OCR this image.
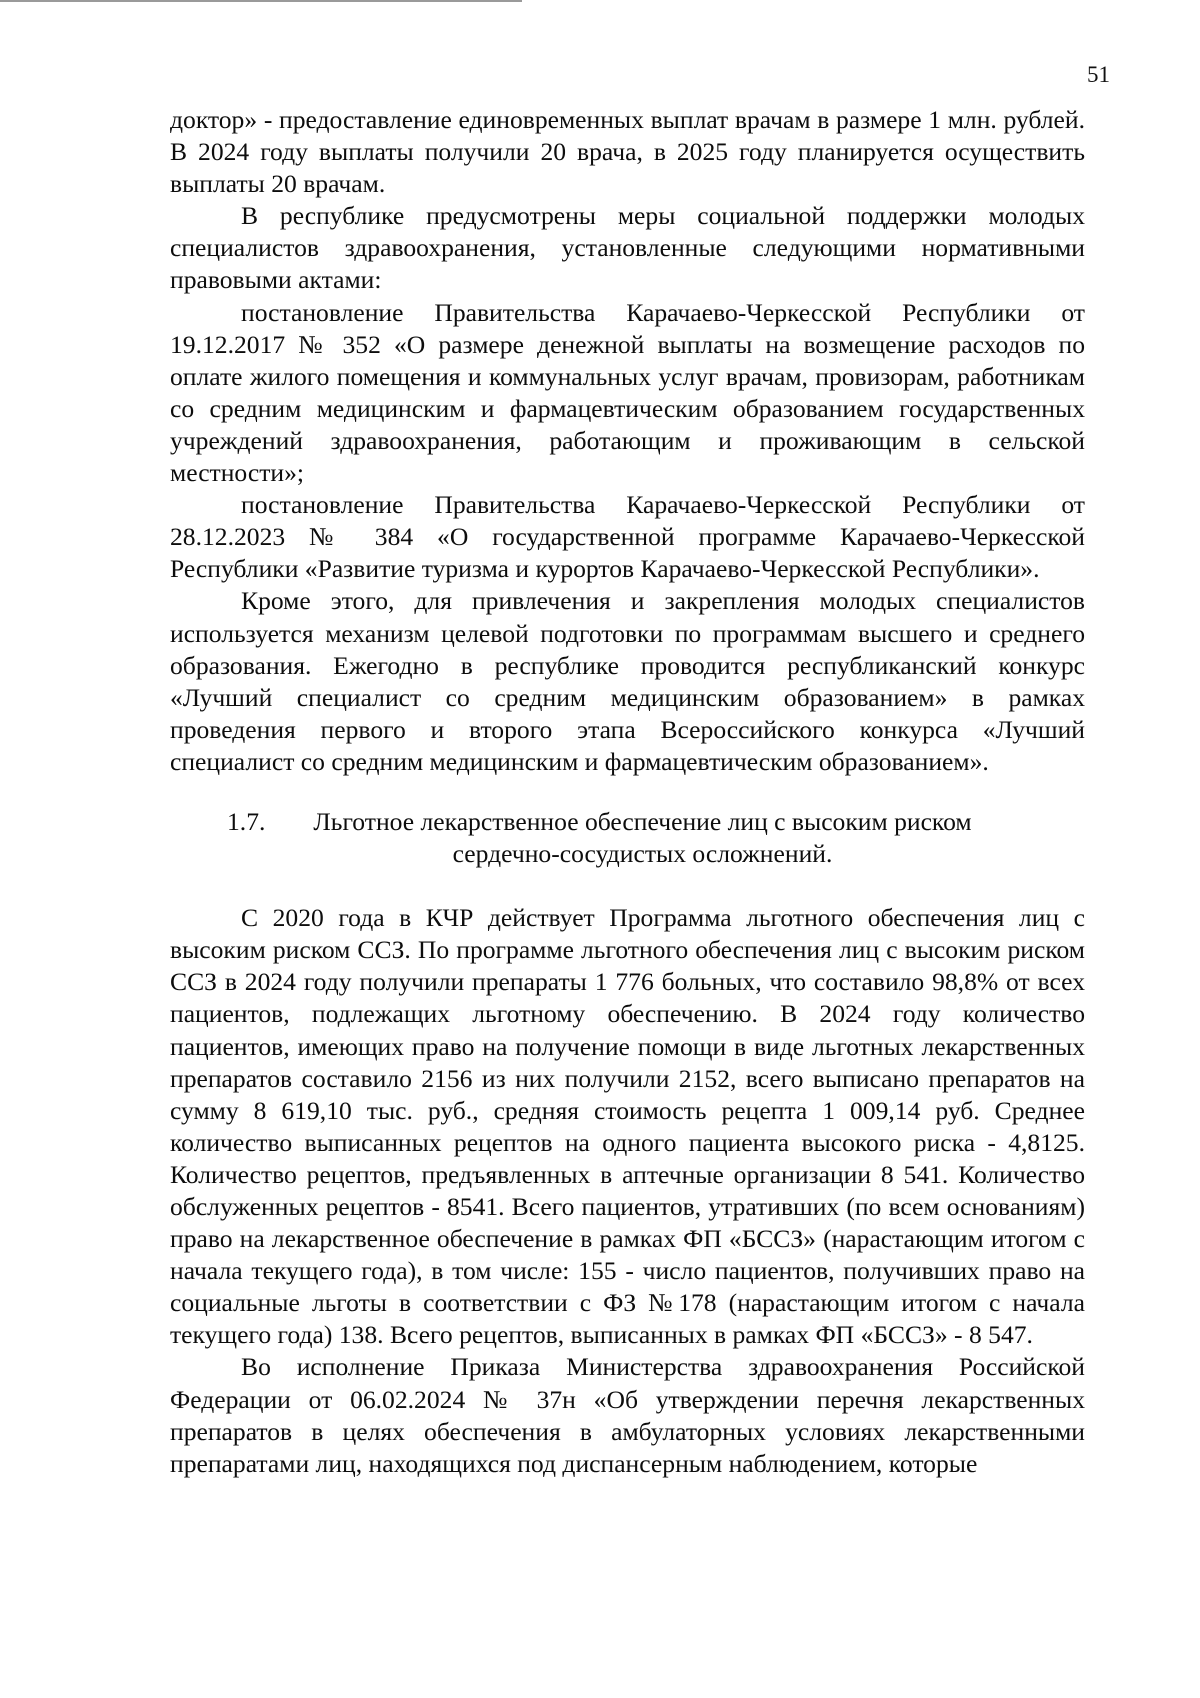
51

доктор» - предоставление единовременных выплат врачам в размере 1 млн. рублей. В 2024 году выплаты получили 20 врача, в 2025 году планируется осуществить выплаты 20 врачам.

В республике предусмотрены меры социальной поддержки молодых специалистов здравоохранения, установленные следующими нормативными правовыми актами:

постановление Правительства Карачаево-Черкесской Республики от 19.12.2017 № 352 «О размере денежной выплаты на возмещение расходов по оплате жилого помещения и коммунальных услуг врачам, провизорам, работникам со средним медицинским и фармацевтическим образованием государственных учреждений здравоохранения, работающим и проживающим в сельской местности»;

постановление Правительства Карачаево-Черкесской Республики от 28.12.2023 № 384 «О государственной программе Карачаево-Черкесской Республики «Развитие туризма и курортов Карачаево-Черкесской Республики».

Кроме этого, для привлечения и закрепления молодых специалистов используется механизм целевой подготовки по программам высшего и среднего образования. Ежегодно в республике проводится республиканский конкурс «Лучший специалист со средним медицинским образованием» в рамках проведения первого и второго этапа Всероссийского конкурса «Лучший специалист со средним медицинским и фармацевтическим образованием».

1.7.	Льготное лекарственное обеспечение лиц с высоким риском
сердечно-сосудистых осложнений.

С 2020 года в КЧР действует Программа льготного обеспечения лиц с высоким риском ССЗ. По программе льготного обеспечения лиц с высоким риском ССЗ в 2024 году получили препараты 1 776 больных, что составило 98,8% от всех пациентов, подлежащих льготному обеспечению. В 2024 году количество пациентов, имеющих право на получение помощи в виде льготных лекарственных препаратов составило 2156 из них получили 2152, всего выписано препаратов на сумму 8 619,10 тыс. руб., средняя стоимость рецепта 1 009,14 руб. Среднее количество выписанных рецептов на одного пациента высокого риска - 4,8125. Количество рецептов, предъявленных в аптечные организации 8 541. Количество обслуженных рецептов - 8541. Всего пациентов, утративших (по всем основаниям) право на лекарственное обеспечение в рамках ФП «БССЗ» (нарастающим итогом с начала текущего года), в том числе: 155 - число пациентов, получивших право на социальные льготы в соответствии с ФЗ №178 (нарастающим итогом с начала текущего года) 138. Всего рецептов, выписанных в рамках ФП «БССЗ» - 8 547.

Во исполнение Приказа Министерства здравоохранения Российской Федерации от 06.02.2024 № 37н «Об утверждении перечня лекарственных препаратов в целях обеспечения в амбулаторных условиях лекарственными препаратами лиц, находящихся под диспансерным наблюдением, которые
